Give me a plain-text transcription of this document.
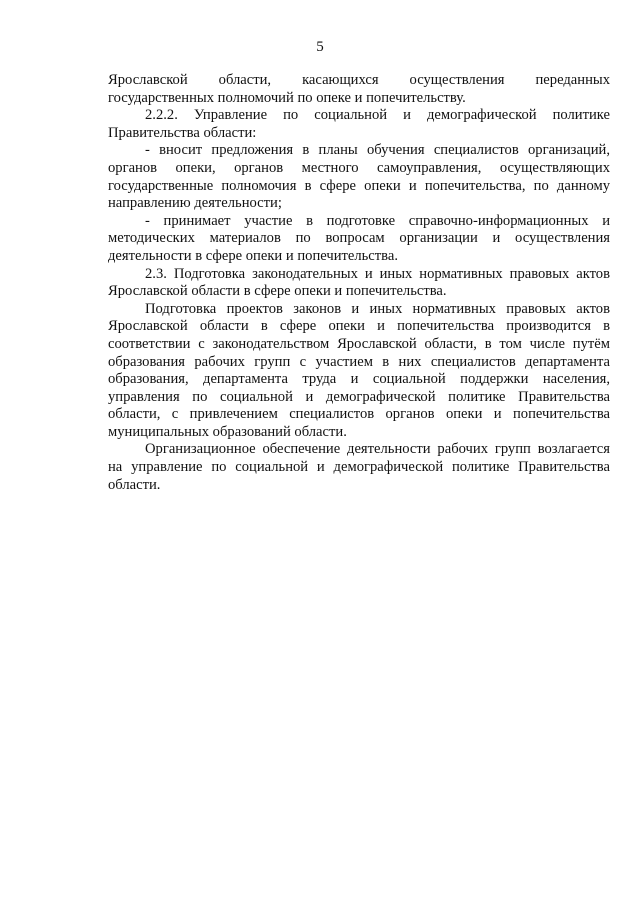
5

Ярославской области, касающихся осуществления переданных государственных полномочий по опеке и попечительству.

2.2.2. Управление по социальной и демографической политике Правительства области:

- вносит предложения в планы обучения специалистов организаций, органов опеки, органов местного самоуправления, осуществляющих государственные полномочия в сфере опеки и попечительства, по данному направлению деятельности;

- принимает участие в подготовке справочно-информационных и методических материалов по вопросам организации и осуществления деятельности в сфере опеки и попечительства.

2.3. Подготовка законодательных и иных нормативных правовых актов Ярославской области в сфере опеки и попечительства.

Подготовка проектов законов и иных нормативных правовых актов Ярославской области в сфере опеки и попечительства производится в соответствии с законодательством Ярославской области, в том числе путём образования рабочих групп с участием в них специалистов департамента образования, департамента труда и социальной поддержки населения, управления по социальной и демографической политике Правительства области, с привлечением специалистов органов опеки и попечительства муниципальных образований области.

Организационное обеспечение деятельности рабочих групп возлагается на управление по социальной и демографической политике Правительства области.
